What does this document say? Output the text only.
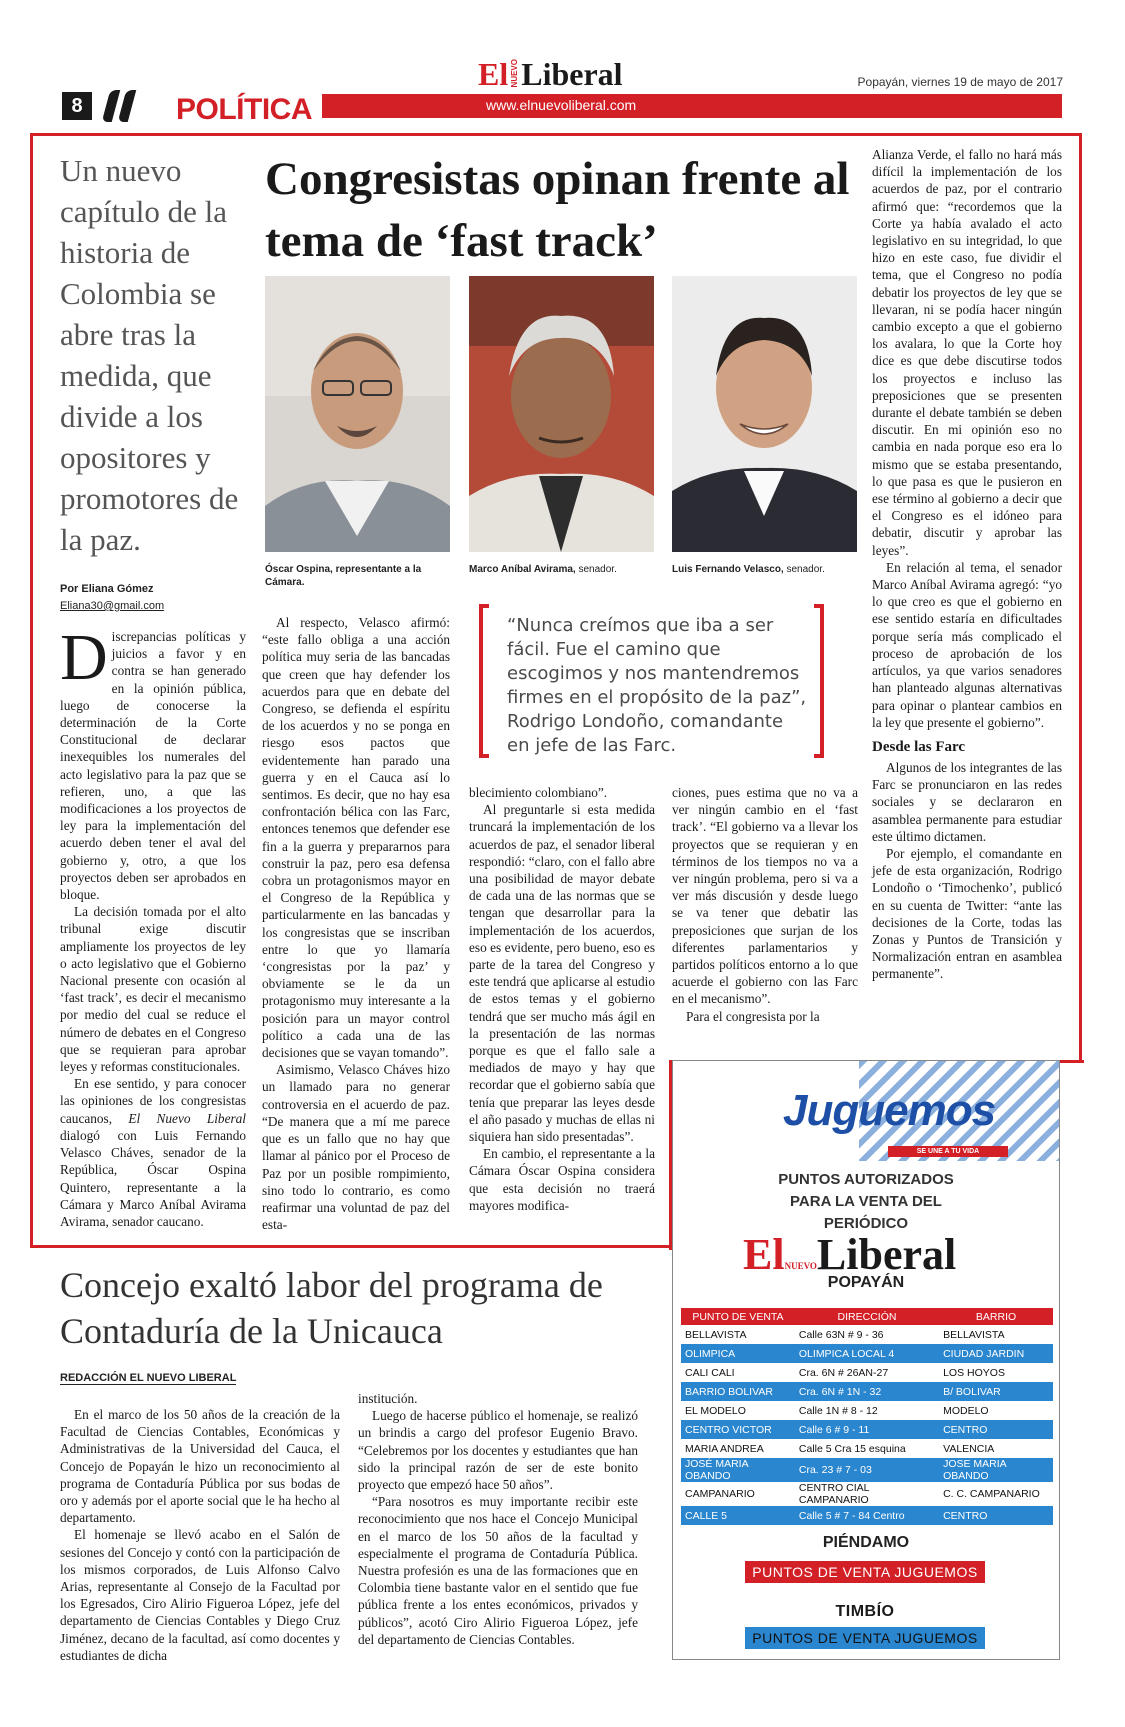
8	POLÍTICA	www.elnuevoliberal.com
El NUEVO Liberal	Popayán, viernes 19 de mayo de 2017
Un nuevo capítulo de la historia de Colombia se abre tras la medida, que divide a los opositores y promotores de la paz.
Por Eliana Gómez
Eliana30@gmail.com
Congresistas opinan frente al tema de ‘fast track’
Óscar Ospina, representante a la Cámara.
Marco Aníbal Avirama, senador.	Luis Fernando Velasco, senador.
“Nunca creímos que iba a ser fácil. Fue el camino que escogimos y nos mantendremos firmes en el propósito de la paz”, Rodrigo Londoño, comandante en jefe de las Farc.

Discrepancias políticas y juicios a favor y en contra se han generado en la opinión pública, luego de conocerse la determinación de la Corte Constitucional de declarar inexequibles los numerales del acto legislativo para la paz que se refieren, uno, a que las modificaciones a los proyectos de ley para la implementación del acuerdo deben tener el aval del gobierno y, otro, a que los proyectos deben ser aprobados en bloque.

La decisión tomada por el alto tribunal exige discutir ampliamente los proyectos de ley o acto legislativo que el Gobierno Nacional presente con ocasión al ‘fast track’, es decir el mecanismo por medio del cual se reduce el número de debates en el Congreso que se requieran para aprobar leyes y reformas constitucionales.

En ese sentido, y para conocer las opiniones de los congresistas caucanos, El Nuevo Liberal dialogó con Luis Fernando Velasco Cháves, senador de la República, Óscar Ospina Quintero, representante a la Cámara y Marco Aníbal Avirama Avirama, senador caucano.

Al respecto, Velasco afirmó: “este fallo obliga a una acción política muy seria de las bancadas que creen que hay defender los acuerdos para que en debate del Congreso, se defienda el espíritu de los acuerdos y no se ponga en riesgo esos pactos que evidentemente han parado una guerra y en el Cauca así lo sentimos. Es decir, que no hay esa confrontación bélica con las Farc, entonces tenemos que defender ese fin a la guerra y prepararnos para construir la paz, pero esa defensa cobra un protagonismos mayor en el Congreso de la República y particularmente en las bancadas y los congresistas que se inscriban entre lo que yo llamaría ‘congresistas por la paz’ y obviamente se le da un protagonismo muy interesante a la posición para un mayor control político a cada una de las decisiones que se vayan tomando”.

Asimismo, Velasco Cháves hizo un llamado para no generar controversia en el acuerdo de paz. “De manera que a mí me parece que es un fallo que no hay que llamar al pánico por el Proceso de Paz por un posible rompimiento, sino todo lo contrario, es como reafirmar una voluntad de paz del esta-

blecimiento colombiano”.

Al preguntarle si esta medida truncará la implementación de los acuerdos de paz, el senador liberal respondió: “claro, con el fallo abre una posibilidad de mayor debate de cada una de las normas que se tengan que desarrollar para la implementación de los acuerdos, eso es evidente, pero bueno, eso es parte de la tarea del Congreso y este tendrá que aplicarse al estudio de estos temas y el gobierno tendrá que ser mucho más ágil en la presentación de las normas porque es que el fallo sale a mediados de mayo y hay que recordar que el gobierno sabía que tenía que preparar las leyes desde el año pasado y muchas de ellas ni siquiera han sido presentadas”.

En cambio, el representante a la Cámara Óscar Ospina considera que esta decisión no traerá mayores modifica-

ciones, pues estima que no va a ver ningún cambio en el ‘fast track’. “El gobierno va a llevar los proyectos que se requieran y en términos de los tiempos no va a ver ningún problema, pero si va a ver más discusión y desde luego se va tener que debatir las preposiciones que surjan de los diferentes parlamentarios y partidos políticos entorno a lo que acuerde el gobierno con las Farc en el mecanismo”.

Para el congresista por la

Alianza Verde, el fallo no hará más difícil la implementación de los acuerdos de paz, por el contrario afirmó que: “recordemos que la Corte ya había avalado el acto legislativo en su integridad, lo que hizo en este caso, fue dividir el tema, que el Congreso no podía debatir los proyectos de ley que se llevaran, ni se podía hacer ningún cambio excepto a que el gobierno los avalara, lo que la Corte hoy dice es que debe discutirse todos los proyectos e incluso las preposiciones que se presenten durante el debate también se deben discutir. En mi opinión eso no cambia en nada porque eso era lo mismo que se estaba presentando, lo que pasa es que le pusieron en ese término al gobierno a decir que el Congreso es el idóneo para debatir, discutir y aprobar las leyes”.

En relación al tema, el senador Marco Aníbal Avirama agregó: “yo lo que creo es que el gobierno en ese sentido estaría en dificultades porque sería más complicado el proceso de aprobación de los artículos, ya que varios senadores han planteado algunas alternativas para opinar o plantear cambios en la ley que presente el gobierno”.

Desde las Farc

Algunos de los integrantes de las Farc se pronunciaron en las redes sociales y se declararon en asamblea permanente para estudiar este último dictamen.

Por ejemplo, el comandante en jefe de esta organización, Rodrigo Londoño o ‘Timochenko’, publicó en su cuenta de Twitter: “ante las decisiones de la Corte, todas las Zonas y Puntos de Transición y Normalización entran en asamblea permanente”.

Juguemos
SE UNE A TU VIDA
PUNTOS AUTORIZADOS PARA LA VENTA DEL PERIÓDICO
ElNUEVOLiberal
POPAYÁN
PUNTO DE VENTA	DIRECCIÓN	BARRIO
BELLAVISTA	Calle 63N # 9 - 36	BELLAVISTA
OLIMPICA	OLIMPICA LOCAL 4	CIUDAD JARDIN
CALI CALI	Cra. 6N # 26AN-27	LOS HOYOS
BARRIO BOLIVAR	Cra. 6N # 1N - 32	B/ BOLIVAR
EL MODELO	Calle 1N # 8 - 12	MODELO
CENTRO VICTOR	Calle 6 # 9 - 11	CENTRO
MARIA ANDREA	Calle 5 Cra 15 esquina	VALENCIA
JOSÉ MARIA OBANDO	Cra. 23 # 7 - 03	JOSE MARIA OBANDO
CAMPANARIO	CENTRO CIAL CAMPANARIO	C. C. CAMPANARIO
CALLE 5	Calle 5 # 7 - 84 Centro	CENTRO
PIÉNDAMO
PUNTOS DE VENTA JUGUEMOS
TIMBÍO
PUNTOS DE VENTA JUGUEMOS
Concejo exaltó labor del programa de Contaduría de la Unicauca
REDACCIÓN EL NUEVO LIBERAL

En el marco de los 50 años de la creación de la Facultad de Ciencias Contables, Económicas y Administrativas de la Universidad del Cauca, el Concejo de Popayán le hizo un reconocimiento al programa de Contaduría Pública por sus bodas de oro y además por el aporte social que le ha hecho al departamento.

El homenaje se llevó acabo en el Salón de sesiones del Concejo y contó con la participación de los mismos corporados, de Luis Alfonso Calvo Arias, representante al Consejo de la Facultad por los Egresados, Ciro Alirio Figueroa López, jefe del departamento de Ciencias Contables y Diego Cruz Jiménez, decano de la facultad, así como docentes y estudiantes de dicha

institución.

Luego de hacerse público el homenaje, se realizó un brindis a cargo del profesor Eugenio Bravo. “Celebremos por los docentes y estudiantes que han sido la principal razón de ser de este bonito proyecto que empezó hace 50 años”.

“Para nosotros es muy importante recibir este reconocimiento que nos hace el Concejo Municipal en el marco de los 50 años de la facultad y especialmente el programa de Contaduría Pública. Nuestra profesión es una de las formaciones que en Colombia tiene bastante valor en el sentido que fue pública frente a los entes económicos, privados y públicos”, acotó Ciro Alirio Figueroa López, jefe del departamento de Ciencias Contables.
